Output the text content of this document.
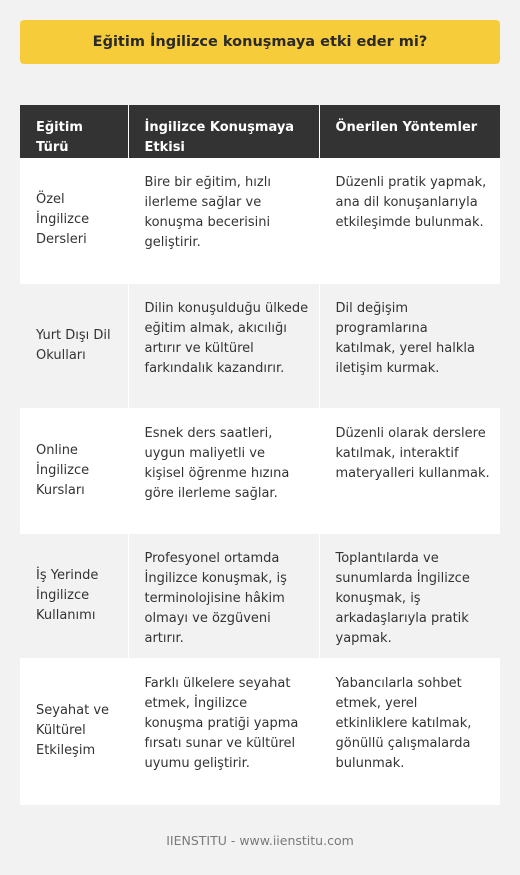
Eğitim İngilizce konuşmaya etki eder mi?
Eğitim Türü	İngilizce Konuşmaya Etkisi	Önerilen Yöntemler
Özel İngilizce Dersleri	Bire bir eğitim, hızlı ilerleme sağlar ve konuşma becerisini geliştirir.	Düzenli pratik yapmak, ana dil konuşanlarıyla etkileşimde bulunmak.
Yurt Dışı Dil Okulları	Dilin konuşulduğu ülkede eğitim almak, akıcılığı artırır ve kültürel farkındalık kazandırır.	Dil değişim programlarına katılmak, yerel halkla iletişim kurmak.
Online İngilizce Kursları	Esnek ders saatleri, uygun maliyetli ve kişisel öğrenme hızına göre ilerleme sağlar.	Düzenli olarak derslere katılmak, interaktif materyalleri kullanmak.
İş Yerinde İngilizce Kullanımı	Profesyonel ortamda İngilizce konuşmak, iş terminolojisine hâkim olmayı ve özgüveni artırır.	Toplantılarda ve sunumlarda İngilizce konuşmak, iş arkadaşlarıyla pratik yapmak.
Seyahat ve Kültürel Etkileşim	Farklı ülkelere seyahat etmek, İngilizce konuşma pratiği yapma fırsatı sunar ve kültürel uyumu geliştirir.	Yabancılarla sohbet etmek, yerel etkinliklere katılmak, gönüllü çalışmalarda bulunmak.
IIENSTITU - www.iienstitu.com
